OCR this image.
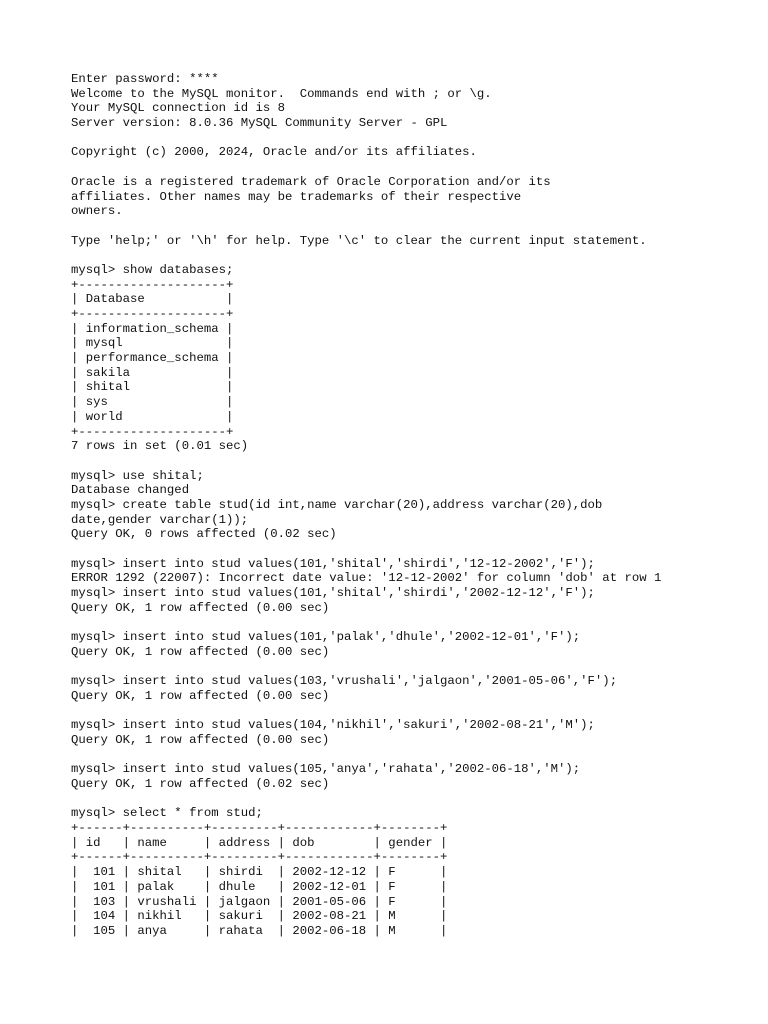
Enter password: ****
Welcome to the MySQL monitor.  Commands end with ; or \g.
Your MySQL connection id is 8
Server version: 8.0.36 MySQL Community Server - GPL
Copyright (c) 2000, 2024, Oracle and/or its affiliates.
Oracle is a registered trademark of Oracle Corporation and/or its
affiliates. Other names may be trademarks of their respective
owners.
Type 'help;' or '\h' for help. Type '\c' to clear the current input statement.
mysql> show databases;
+--------------------+
| Database           |
+--------------------+
| information_schema |
| mysql              |
| performance_schema |
| sakila             |
| shital             |
| sys                |
| world              |
+--------------------+
7 rows in set (0.01 sec)
mysql> use shital;
Database changed
mysql> create table stud(id int,name varchar(20),address varchar(20),dob
date,gender varchar(1));
Query OK, 0 rows affected (0.02 sec)
mysql> insert into stud values(101,'shital','shirdi','12-12-2002','F');
ERROR 1292 (22007): Incorrect date value: '12-12-2002' for column 'dob' at row 1
mysql> insert into stud values(101,'shital','shirdi','2002-12-12','F');
Query OK, 1 row affected (0.00 sec)
mysql> insert into stud values(101,'palak','dhule','2002-12-01','F');
Query OK, 1 row affected (0.00 sec)
mysql> insert into stud values(103,'vrushali','jalgaon','2001-05-06','F');
Query OK, 1 row affected (0.00 sec)
mysql> insert into stud values(104,'nikhil','sakuri','2002-08-21','M');
Query OK, 1 row affected (0.00 sec)
mysql> insert into stud values(105,'anya','rahata','2002-06-18','M');
Query OK, 1 row affected (0.02 sec)
mysql> select * from stud;
+------+----------+---------+------------+--------+
| id   | name     | address | dob        | gender |
+------+----------+---------+------------+--------+
|  101 | shital   | shirdi  | 2002-12-12 | F      |
|  101 | palak    | dhule   | 2002-12-01 | F      |
|  103 | vrushali | jalgaon | 2001-05-06 | F      |
|  104 | nikhil   | sakuri  | 2002-08-21 | M      |
|  105 | anya     | rahata  | 2002-06-18 | M      |
